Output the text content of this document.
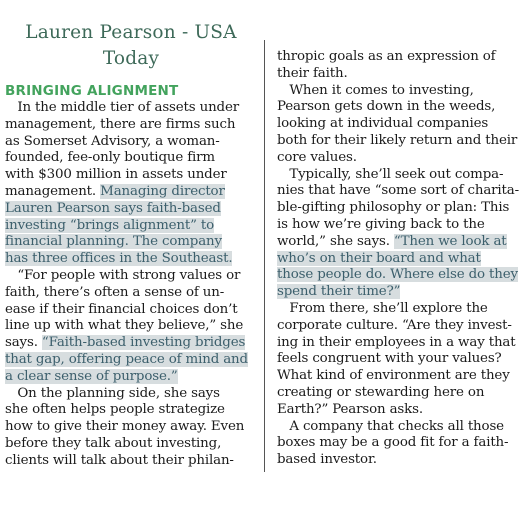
Lauren Pearson - USA
Today
BRINGING ALIGNMENT
In the middle tier of assets under
management, there are firms such
as Somerset Advisory, a woman-
founded, fee-only boutique firm
with $300 million in assets under
management. Managing director
Lauren Pearson says faith-based
investing “brings alignment” to
financial planning. The company
has three offices in the Southeast.
“For people with strong values or
faith, there’s often a sense of un-
ease if their financial choices don’t
line up with what they believe,” she
says. “Faith-based investing bridges
that gap, offering peace of mind and
a clear sense of purpose.”
On the planning side, she says
she often helps people strategize
how to give their money away. Even
before they talk about investing,
clients will talk about their philan-
thropic goals as an expression of
their faith.
When it comes to investing,
Pearson gets down in the weeds,
looking at individual companies
both for their likely return and their
core values.
Typically, she’ll seek out compa-
nies that have “some sort of charita-
ble-gifting philosophy or plan: This
is how we’re giving back to the
world,” she says. “Then we look at
who’s on their board and what
those people do. Where else do they
spend their time?”
From there, she’ll explore the
corporate culture. “Are they invest-
ing in their employees in a way that
feels congruent with your values?
What kind of environment are they
creating or stewarding here on
Earth?” Pearson asks.
A company that checks all those
boxes may be a good fit for a faith-
based investor.
